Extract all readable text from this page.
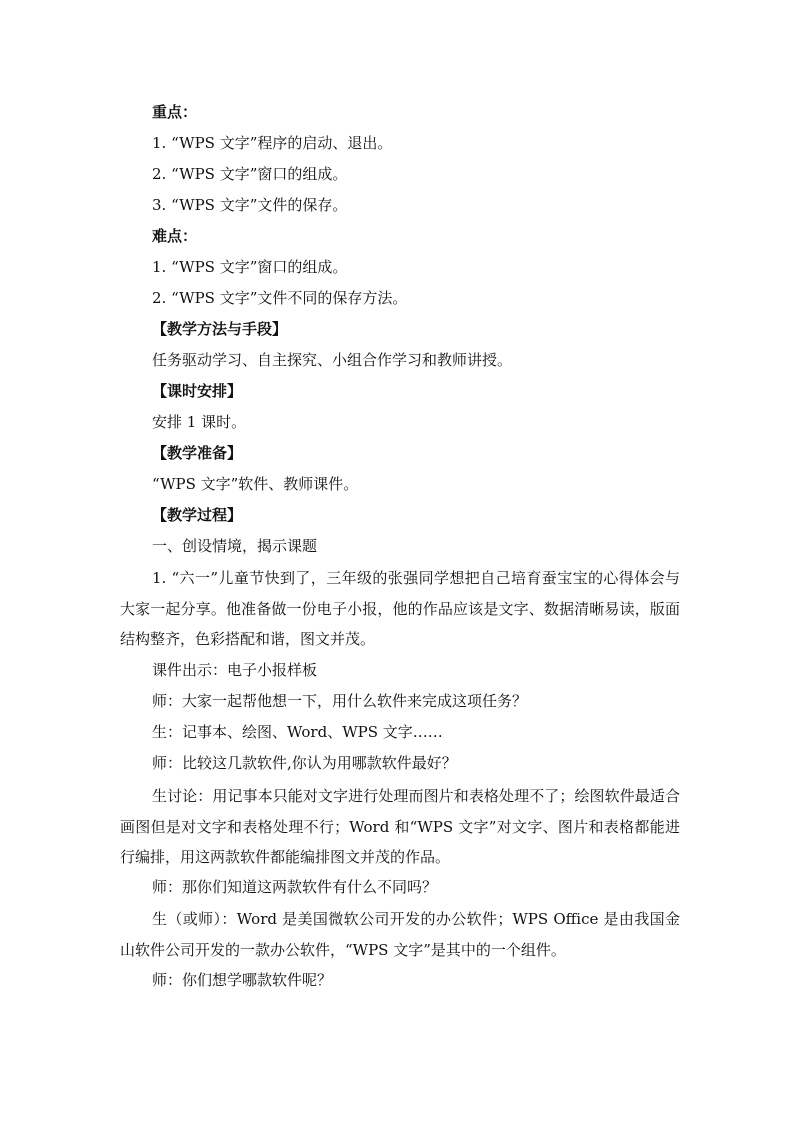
重点：
1. “WPS 文字”程序的启动、退出。
2. “WPS 文字”窗口的组成。
3. “WPS 文字”文件的保存。
难点：
1. “WPS 文字”窗口的组成。
2. “WPS 文字”文件不同的保存方法。
【教学方法与手段】
任务驱动学习、自主探究、小组合作学习和教师讲授。
【课时安排】
安排 1 课时。
【教学准备】
“WPS 文字”软件、教师课件。
【教学过程】
一、创设情境，揭示课题
1. “六一”儿童节快到了，三年级的张强同学想把自己培育蚕宝宝的心得体会与大家一起分享。他准备做一份电子小报，他的作品应该是文字、数据清晰易读，版面结构整齐，色彩搭配和谐，图文并茂。
课件出示：电子小报样板
师：大家一起帮他想一下，用什么软件来完成这项任务？
生：记事本、绘图、Word、WPS 文字……
师：比较这几款软件,你认为用哪款软件最好？
生讨论：用记事本只能对文字进行处理而图片和表格处理不了；绘图软件最适合画图但是对文字和表格处理不行；Word 和“WPS 文字”对文字、图片和表格都能进行编排，用这两款软件都能编排图文并茂的作品。
师：那你们知道这两款软件有什么不同吗？
生（或师）：Word 是美国微软公司开发的办公软件；WPS Office 是由我国金山软件公司开发的一款办公软件，“WPS 文字”是其中的一个组件。
师：你们想学哪款软件呢？
